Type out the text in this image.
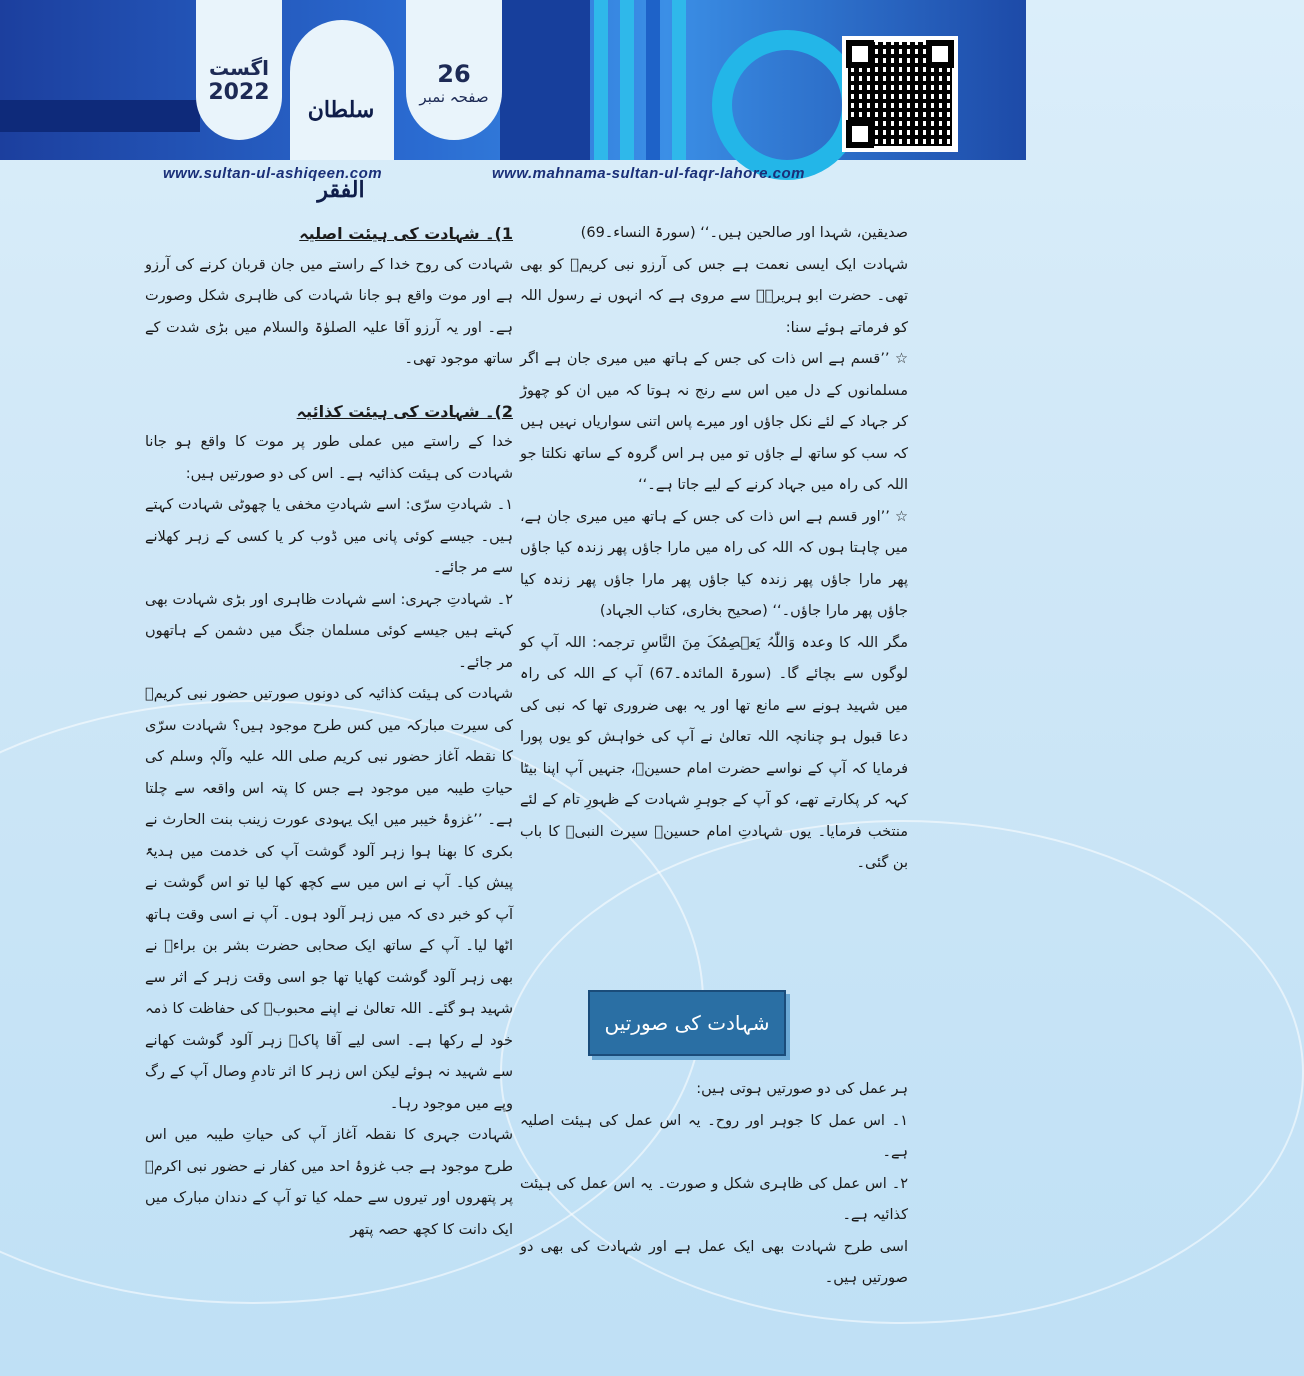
اگست
2022
سلطان الفقر
26
صفحہ نمبر
www.sultan-ul-ashiqeen.com	www.mahnama-sultan-ul-faqr-lahore.com

صدیقین، شہدا اور صالحین ہیں۔‘‘ (سورۃ النساء۔69)

شہادت ایک ایسی نعمت ہے جس کی آرزو نبی کریمؐ کو بھی تھی۔ حضرت ابو ہریرہؓ سے مروی ہے کہ انہوں نے رسول اللہ کو فرماتے ہوئے سنا:

☆ ’’قسم ہے اس ذات کی جس کے ہاتھ میں میری جان ہے اگر مسلمانوں کے دل میں اس سے رنج نہ ہوتا کہ میں ان کو چھوڑ کر جہاد کے لئے نکل جاؤں اور میرے پاس اتنی سواریاں نہیں ہیں کہ سب کو ساتھ لے جاؤں تو میں ہر اس گروہ کے ساتھ نکلتا جو اللہ کی راہ میں جہاد کرنے کے لیے جاتا ہے۔‘‘

☆ ’’اور قسم ہے اس ذات کی جس کے ہاتھ میں میری جان ہے، میں چاہتا ہوں کہ اللہ کی راہ میں مارا جاؤں پھر زندہ کیا جاؤں پھر مارا جاؤں پھر زندہ کیا جاؤں پھر مارا جاؤں پھر زندہ کیا جاؤں پھر مارا جاؤں۔‘‘ (صحیح بخاری، کتاب الجہاد)

مگر اللہ کا وعدہ وَاللّٰہُ یَعۡصِمُکَ مِنَ النَّاسِ ترجمہ: اللہ آپ کو لوگوں سے بچائے گا۔ (سورۃ المائدہ۔67) آپ کے اللہ کی راہ میں شہید ہونے سے مانع تھا اور یہ بھی ضروری تھا کہ نبی کی دعا قبول ہو چنانچہ اللہ تعالیٰ نے آپ کی خواہش کو یوں پورا فرمایا کہ آپ کے نواسے حضرت امام حسینؓ، جنہیں آپ اپنا بیٹا کہہ کر پکارتے تھے، کو آپ کے جوہرِ شہادت کے ظہورِ تام کے لئے منتخب فرمایا۔ یوں شہادتِ امام حسینؓ سیرت النبیؐ کا باب بن گئی۔

شہادت کی صورتیں

ہر عمل کی دو صورتیں ہوتی ہیں:

۱۔ اس عمل کا جوہر اور روح۔ یہ اس عمل کی ہیئت اصلیہ ہے۔

۲۔ اس عمل کی ظاہری شکل و صورت۔ یہ اس عمل کی ہیئت کذائیہ ہے۔

اسی طرح شہادت بھی ایک عمل ہے اور شہادت کی بھی دو صورتیں ہیں۔

1)۔ شہادت کی ہیئت اصلیہ

شہادت کی روح خدا کے راستے میں جان قربان کرنے کی آرزو ہے اور موت واقع ہو جانا شہادت کی ظاہری شکل وصورت ہے۔ اور یہ آرزو آقا علیہ الصلوٰۃ والسلام میں بڑی شدت کے ساتھ موجود تھی۔

2)۔ شہادت کی ہیئت کذائیہ

خدا کے راستے میں عملی طور پر موت کا واقع ہو جانا شہادت کی ہیئت کذائیہ ہے۔ اس کی دو صورتیں ہیں:

۱۔ شہادتِ سرّی: اسے شہادتِ مخفی یا چھوٹی شہادت کہتے ہیں۔ جیسے کوئی پانی میں ڈوب کر یا کسی کے زہر کھلانے سے مر جائے۔

۲۔ شہادتِ جہری: اسے شہادت ظاہری اور بڑی شہادت بھی کہتے ہیں جیسے کوئی مسلمان جنگ میں دشمن کے ہاتھوں مر جائے۔

شہادت کی ہیئت کذائیہ کی دونوں صورتیں حضور نبی کریمؐ کی سیرت مبارکہ میں کس طرح موجود ہیں؟ شہادت سرّی کا نقطہ آغاز حضور نبی کریم صلی اللہ علیہ وآلہٖ وسلم کی حیاتِ طیبہ میں موجود ہے جس کا پتہ اس واقعہ سے چلتا ہے۔ ’’غزوۂ خیبر میں ایک یہودی عورت زینب بنت الحارث نے بکری کا بھنا ہوا زہر آلود گوشت آپ کی خدمت میں ہدیۃً پیش کیا۔ آپ نے اس میں سے کچھ کھا لیا تو اس گوشت نے آپ کو خبر دی کہ میں زہر آلود ہوں۔ آپ نے اسی وقت ہاتھ اٹھا لیا۔ آپ کے ساتھ ایک صحابی حضرت بشر بن براءؓ نے بھی زہر آلود گوشت کھایا تھا جو اسی وقت زہر کے اثر سے شہید ہو گئے۔ اللہ تعالیٰ نے اپنے محبوبؐ کی حفاظت کا ذمہ خود لے رکھا ہے۔ اسی لیے آقا پاکؐ زہر آلود گوشت کھانے سے شہید نہ ہوئے لیکن اس زہر کا اثر تادمِ وصال آپ کے رگ وپے میں موجود رہا۔

شہادت جہری کا نقطہ آغاز آپ کی حیاتِ طیبہ میں اس طرح موجود ہے جب غزوۂ احد میں کفار نے حضور نبی اکرمؐ پر پتھروں اور تیروں سے حملہ کیا تو آپ کے دندان مبارک میں ایک دانت کا کچھ حصہ پتھر
